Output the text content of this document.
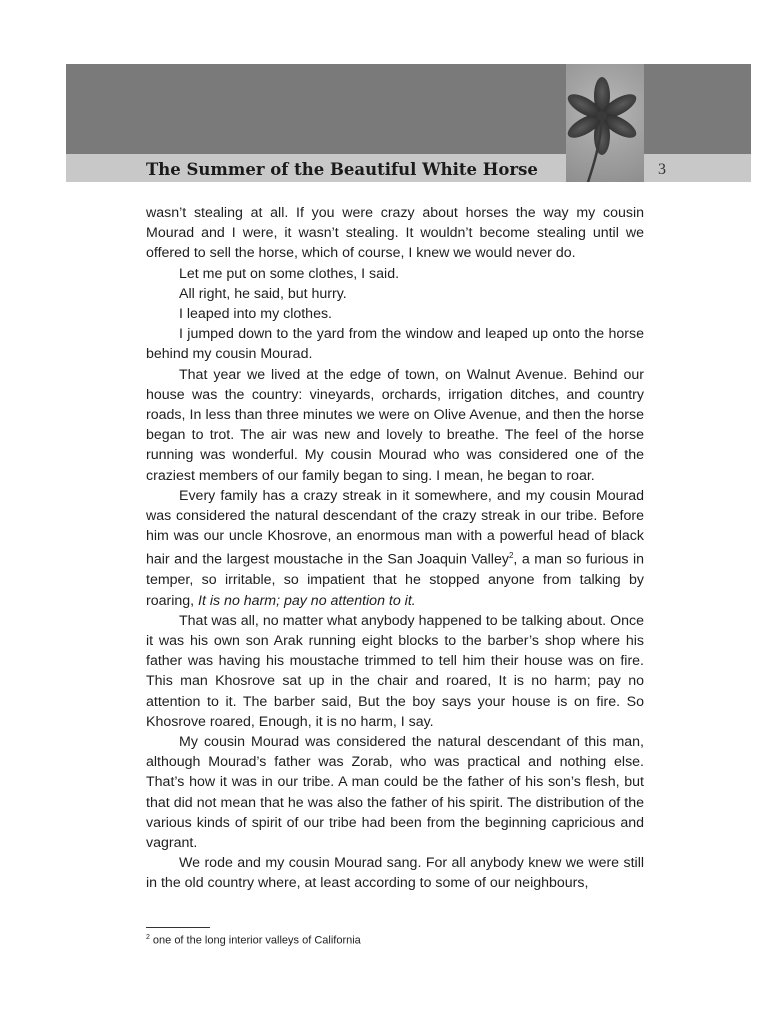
The Summer of the Beautiful White Horse	3

wasn’t stealing at all. If you were crazy about horses the way my cousin Mourad and I were, it wasn’t stealing. It wouldn’t become stealing until we offered to sell the horse, which of course, I knew we would never do.

Let me put on some clothes, I said.

All right, he said, but hurry.

I leaped into my clothes.

I jumped down to the yard from the window and leaped up onto the horse behind my cousin Mourad.

That year we lived at the edge of town, on Walnut Avenue. Behind our house was the country: vineyards, orchards, irrigation ditches, and country roads, In less than three minutes we were on Olive Avenue, and then the horse began to trot. The air was new and lovely to breathe. The feel of the horse running was wonderful. My cousin Mourad who was considered one of the craziest members of our family began to sing. I mean, he began to roar.

Every family has a crazy streak in it somewhere, and my cousin Mourad was considered the natural descendant of the crazy streak in our tribe. Before him was our uncle Khosrove, an enormous man with a powerful head of black hair and the largest moustache in the San Joaquin Valley$^2$, a man so furious in temper, so irritable, so impatient that he stopped anyone from talking by roaring, It is no harm; pay no attention to it.

That was all, no matter what anybody happened to be talking about. Once it was his own son Arak running eight blocks to the barber’s shop where his father was having his moustache trimmed to tell him their house was on fire. This man Khosrove sat up in the chair and roared, It is no harm; pay no attention to it. The barber said, But the boy says your house is on fire. So Khosrove roared, Enough, it is no harm, I say.

My cousin Mourad was considered the natural descendant of this man, although Mourad’s father was Zorab, who was practical and nothing else. That’s how it was in our tribe. A man could be the father of his son’s flesh, but that did not mean that he was also the father of his spirit. The distribution of the various kinds of spirit of our tribe had been from the beginning capricious and vagrant.

We rode and my cousin Mourad sang. For all anybody knew we were still in the old country where, at least according to some of our neighbours,

$^2$ one of the long interior valleys of California
